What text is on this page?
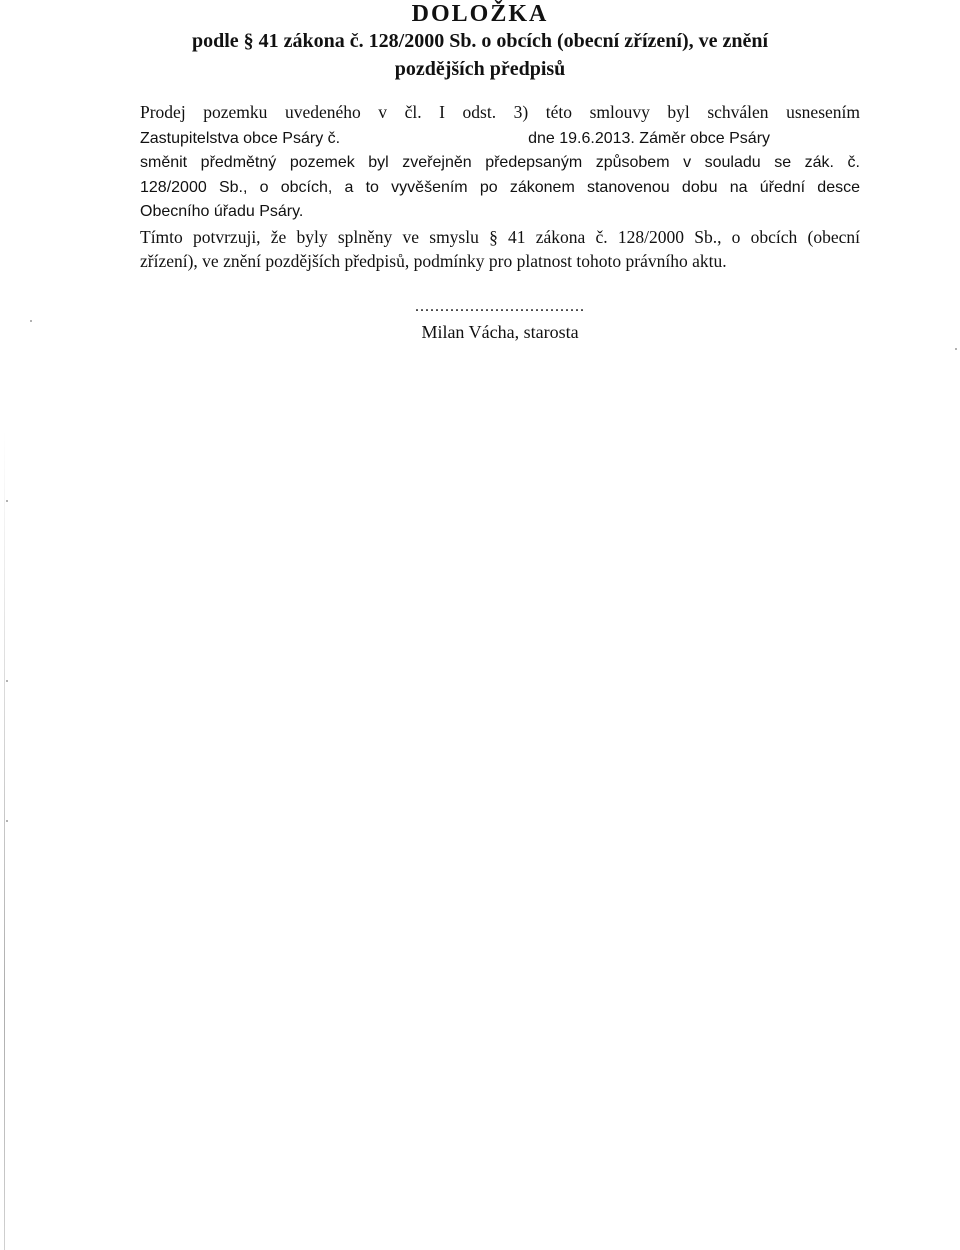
DOLOŽKA
podle § 41 zákona č. 128/2000 Sb. o obcích (obecní zřízení), ve znění
pozdějších předpisů
Prodej pozemku uvedeného v čl. I odst. 3) této smlouvy byl schválen usnesením
Zastupitelstva obce Psáry č.	dne 19.6.2013. Záměr obce Psáry
směnit předmětný pozemek byl zveřejněn předepsaným způsobem v souladu se zák. č.
128/2000 Sb., o obcích, a to vyvěšením po zákonem stanovenou dobu na úřední desce
Obecního úřadu Psáry.
Tímto potvrzuji, že byly splněny ve smyslu § 41 zákona č. 128/2000 Sb., o obcích (obecní
zřízení), ve znění pozdějších předpisů, podmínky pro platnost tohoto právního aktu.
..................................
Milan Vácha, starosta
